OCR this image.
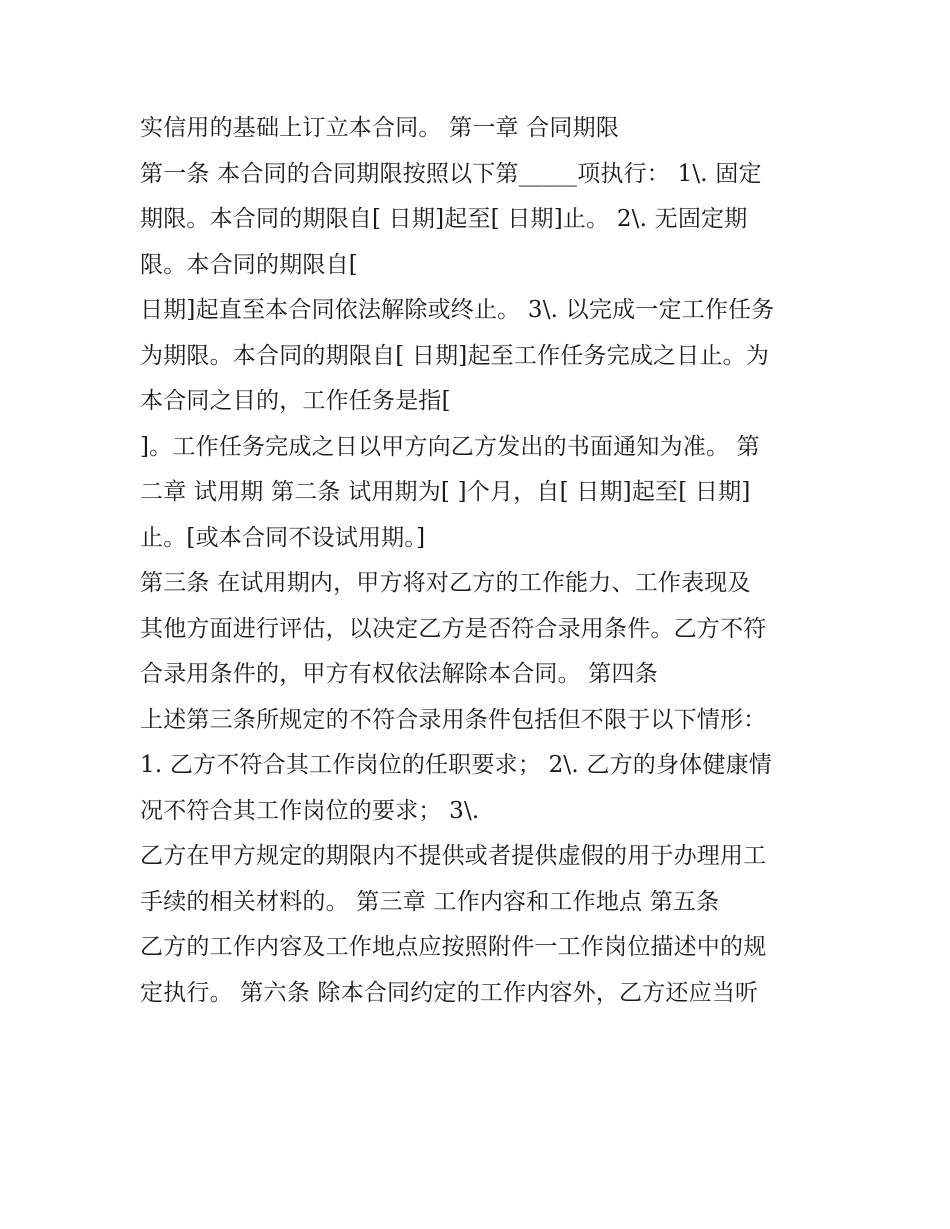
实信用的基础上订立本合同。 第一章 合同期限
第一条 本合同的合同期限按照以下第_____项执行： 1\. 固定
期限。本合同的期限自[ 日期]起至[ 日期]止。 2\. 无固定期
限。本合同的期限自[
日期]起直至本合同依法解除或终止。 3\. 以完成一定工作任务
为期限。本合同的期限自[ 日期]起至工作任务完成之日止。为
本合同之目的，工作任务是指[
]。工作任务完成之日以甲方向乙方发出的书面通知为准。 第
二章 试用期 第二条 试用期为[ ]个月，自[ 日期]起至[ 日期]
止。[或本合同不设试用期。]
第三条 在试用期内，甲方将对乙方的工作能力、工作表现及
其他方面进行评估，以决定乙方是否符合录用条件。乙方不符
合录用条件的，甲方有权依法解除本合同。 第四条
上述第三条所规定的不符合录用条件包括但不限于以下情形：
1. 乙方不符合其工作岗位的任职要求； 2\. 乙方的身体健康情
况不符合其工作岗位的要求； 3\.
乙方在甲方规定的期限内不提供或者提供虚假的用于办理用工
手续的相关材料的。 第三章 工作内容和工作地点 第五条
乙方的工作内容及工作地点应按照附件一工作岗位描述中的规
定执行。 第六条 除本合同约定的工作内容外，乙方还应当听
